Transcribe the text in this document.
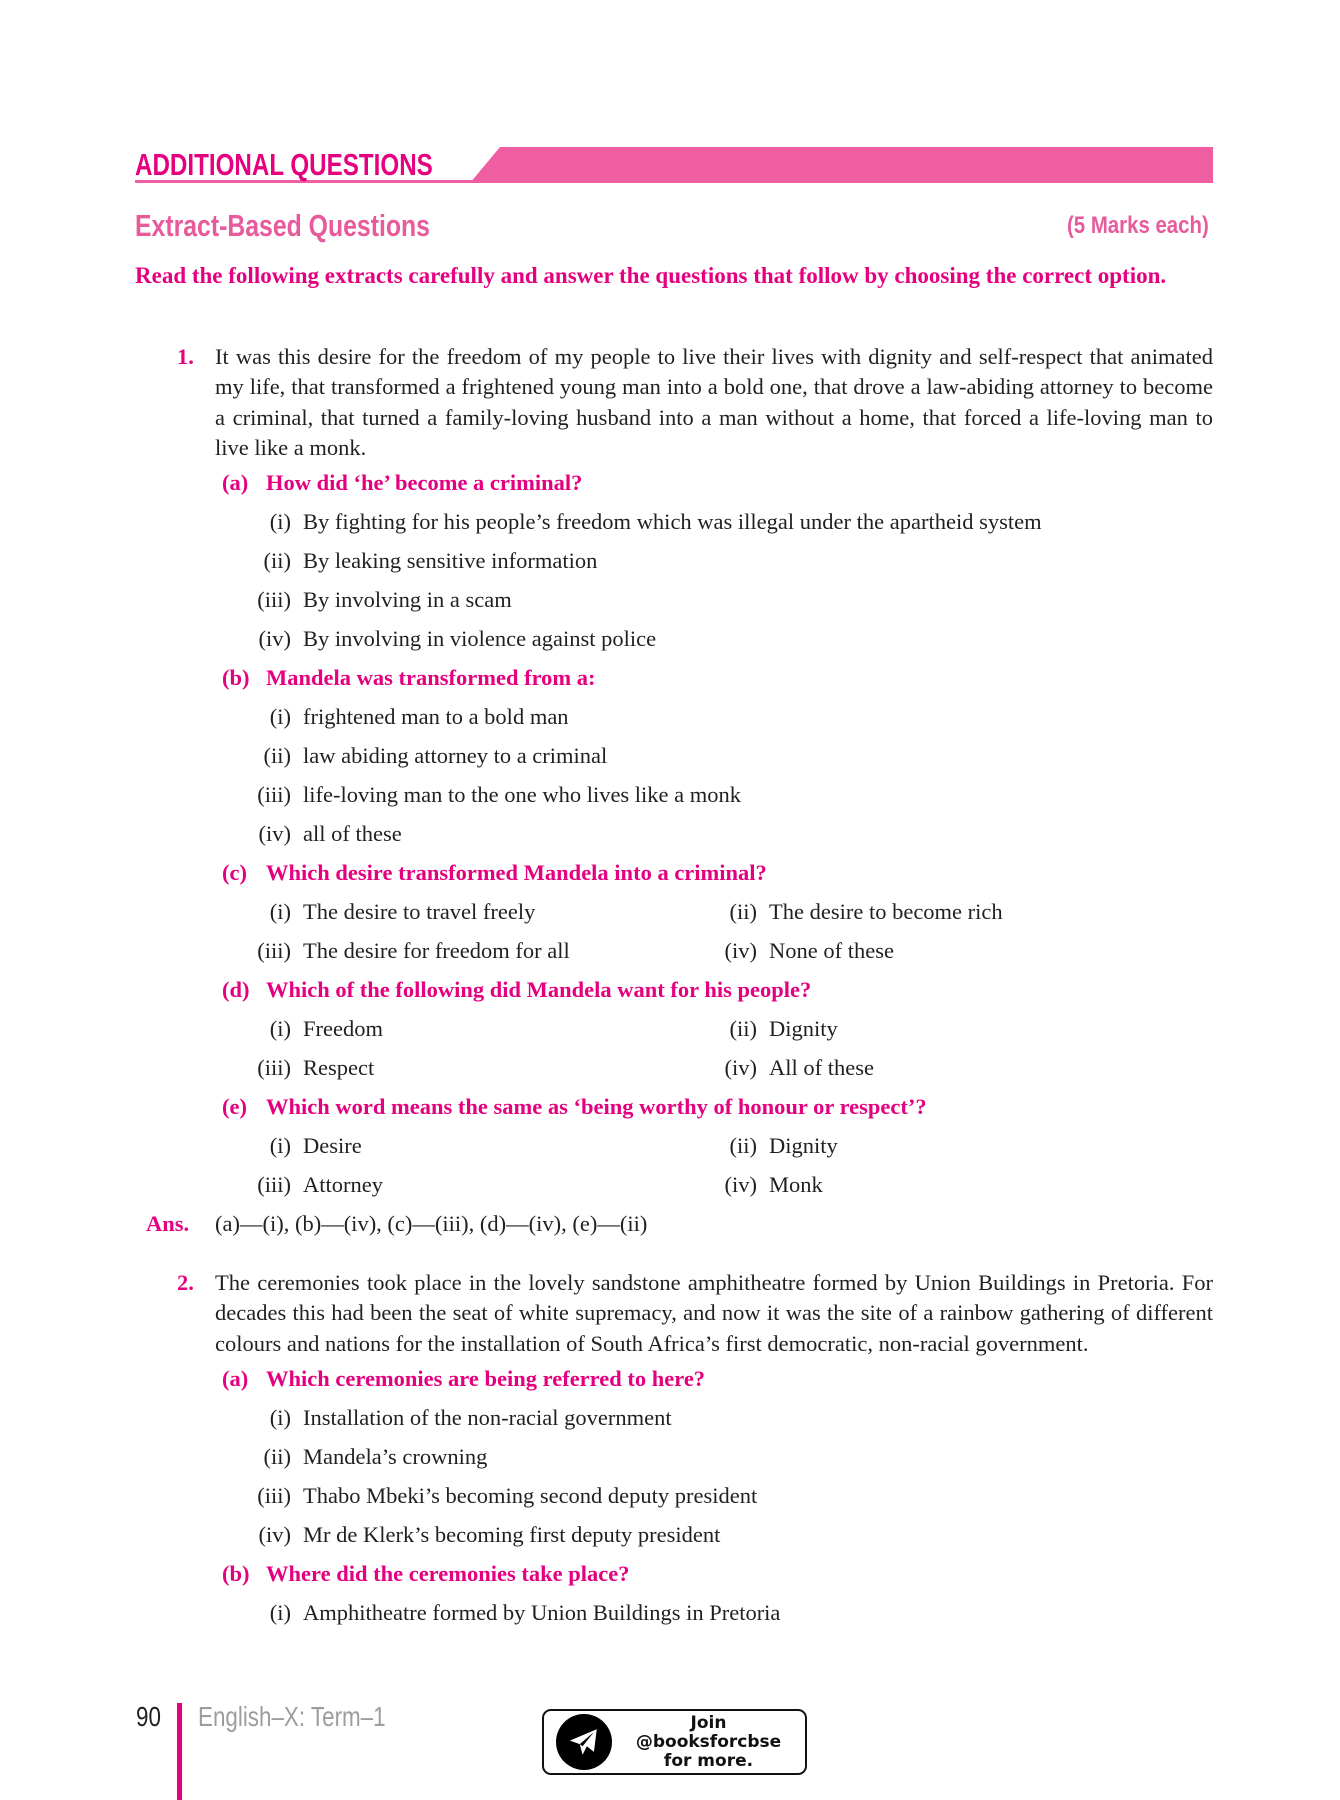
ADDITIONAL QUESTIONS
Extract-Based Questions	(5 Marks each)
Read the following extracts carefully and answer the questions that follow by choosing the correct option.
1. It was this desire for the freedom of my people to live their lives with dignity and self-respect that animated my life, that transformed a frightened young man into a bold one, that drove a law-abiding attorney to become a criminal, that turned a family-loving husband into a man without a home, that forced a life-loving man to live like a monk.
(a) How did ‘he’ become a criminal?
(i) By fighting for his people’s freedom which was illegal under the apartheid system
(ii) By leaking sensitive information
(iii) By involving in a scam
(iv) By involving in violence against police
(b) Mandela was transformed from a:
(i) frightened man to a bold man
(ii) law abiding attorney to a criminal
(iii) life-loving man to the one who lives like a monk
(iv) all of these
(c) Which desire transformed Mandela into a criminal?
(i) The desire to travel freely	(ii) The desire to become rich
(iii) The desire for freedom for all	(iv) None of these
(d) Which of the following did Mandela want for his people?
(i) Freedom	(ii) Dignity
(iii) Respect	(iv) All of these
(e) Which word means the same as ‘being worthy of honour or respect’?
(i) Desire	(ii) Dignity
(iii) Attorney	(iv) Monk
Ans. (a)—(i), (b)—(iv), (c)—(iii), (d)—(iv), (e)—(ii)
2. The ceremonies took place in the lovely sandstone amphitheatre formed by Union Buildings in Pretoria. For decades this had been the seat of white supremacy, and now it was the site of a rainbow gathering of different colours and nations for the installation of South Africa’s first democratic, non-racial government.
(a) Which ceremonies are being referred to here?
(i) Installation of the non-racial government
(ii) Mandela’s crowning
(iii) Thabo Mbeki’s becoming second deputy president
(iv) Mr de Klerk’s becoming first deputy president
(b) Where did the ceremonies take place?
(i) Amphitheatre formed by Union Buildings in Pretoria
90 English–X: Term–1	Join
@booksforcbse
for more.
